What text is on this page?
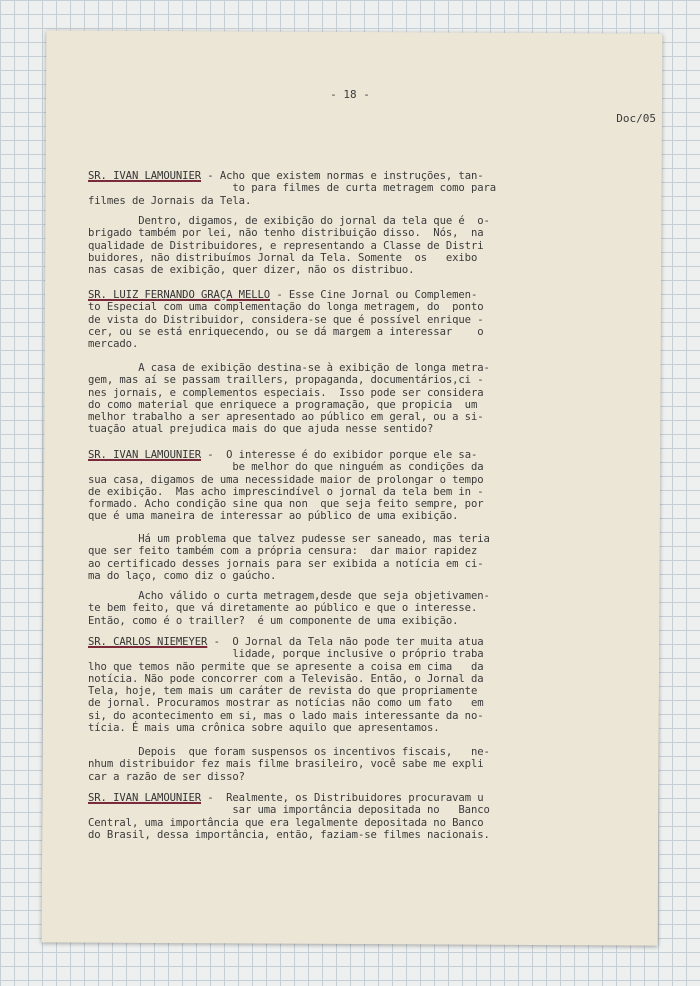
- 18 -
Doc/05
SR. IVAN LAMOUNIER - Acho que existem normas e instruções, tan-
to para filmes de curta metragem como para
filmes de Jornais da Tela.
Dentro, digamos, de exibição do jornal da tela que é  o-
brigado também por lei, não tenho distribuição disso.  Nós,  na
qualidade de Distribuidores, e representando a Classe de Distri
buidores, não distribuímos Jornal da Tela. Somente  os   exibo
nas casas de exibição, quer dizer, não os distribuo.
SR. LUIZ FERNANDO GRAÇA MELLO - Esse Cine Jornal ou Complemen-
to Especial com uma complementação do longa metragem, do  ponto
de vista do Distribuidor, considera-se que é possível enrique -
cer, ou se está enriquecendo, ou se dá margem a interessar    o
mercado.
A casa de exibição destina-se à exibição de longa metra-
gem, mas aí se passam traillers, propaganda, documentários,ci -
nes jornais, e complementos especiais.  Isso pode ser considera
do como material que enriquece a programação, que propicia  um
melhor trabalho a ser apresentado ao público em geral, ou a si-
tuação atual prejudica mais do que ajuda nesse sentido?
SR. IVAN LAMOUNIER -  O interesse é do exibidor porque ele sa-
be melhor do que ninguém as condições da
sua casa, digamos de uma necessidade maior de prolongar o tempo
de exibição.  Mas acho imprescindível o jornal da tela bem in -
formado. Acho condição sine qua non  que seja feito sempre, por
que é uma maneira de interessar ao público de uma exibição.
Há um problema que talvez pudesse ser saneado, mas teria
que ser feito também com a própria censura:  dar maior rapidez
ao certificado desses jornais para ser exibida a notícia em ci-
ma do laço, como diz o gaúcho.
Acho válido o curta metragem,desde que seja objetivamen-
te bem feito, que vá diretamente ao público e que o interesse.
Então, como é o trailler?  é um componente de uma exibição.
SR. CARLOS NIEMEYER -  O Jornal da Tela não pode ter muita atua
lidade, porque inclusive o próprio traba
lho que temos não permite que se apresente a coisa em cima   da
notícia. Não pode concorrer com a Televisão. Então, o Jornal da
Tela, hoje, tem mais um caráter de revista do que propriamente
de jornal. Procuramos mostrar as notícias não como um fato   em
si, do acontecimento em si, mas o lado mais interessante da no-
tícia. É mais uma crônica sobre aquilo que apresentamos.
Depois  que foram suspensos os incentivos fiscais,   ne-
nhum distribuidor fez mais filme brasileiro, você sabe me expli
car a razão de ser disso?
SR. IVAN LAMOUNIER -  Realmente, os Distribuidores procuravam u
sar uma importância depositada no   Banco
Central, uma importância que era legalmente depositada no Banco
do Brasil, dessa importância, então, faziam-se filmes nacionais.
